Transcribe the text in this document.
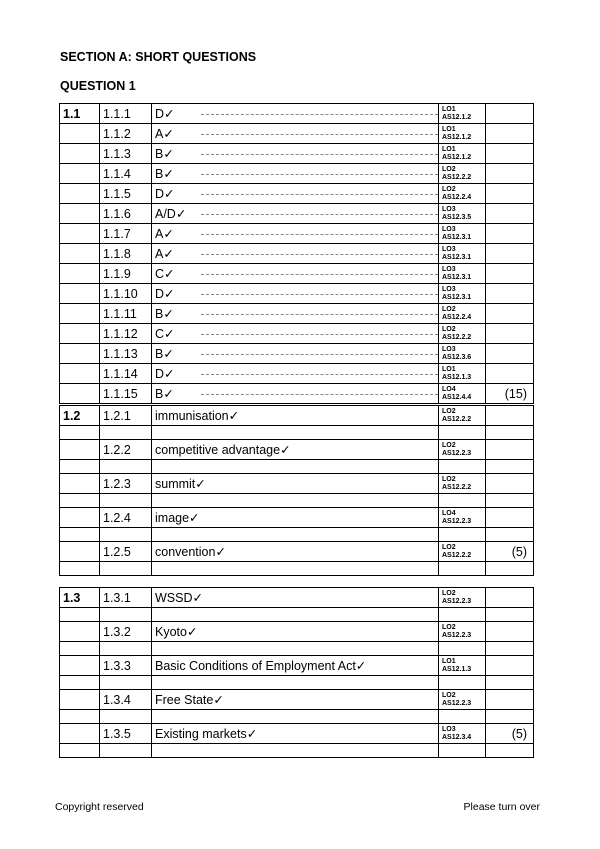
SECTION A: SHORT QUESTIONS
QUESTION 1
1.1	1.1.1	D✓		LO1
AS12.1.2	

	1.1.2	A✓		LO1
AS12.1.2	

	1.1.3	B✓		LO1
AS12.1.2	

	1.1.4	B✓		LO2
AS12.2.2	

	1.1.5	D✓		LO2
AS12.2.4	

	1.1.6	A/D✓		LO3
AS12.3.5	

	1.1.7	A✓		LO3
AS12.3.1	

	1.1.8	A✓		LO3
AS12.3.1	

	1.1.9	C✓		LO3
AS12.3.1	

	1.1.10	D✓		LO3
AS12.3.1	

	1.1.11	B✓		LO2
AS12.2.4	

	1.1.12	C✓		LO2
AS12.2.2	

	1.1.13	B✓		LO3
AS12.3.6	

	1.1.14	D✓		LO1
AS12.1.3	

	1.1.15	B✓		LO4
AS12.4.4	(15)
1.2	1.2.1	immunisation✓	LO2
AS12.2.2	

	1.2.2	competitive advantage✓	LO2
AS12.2.3	

	1.2.3	summit✓	LO2
AS12.2.2	

	1.2.4	image✓	LO4
AS12.2.3	

	1.2.5	convention✓	LO2
AS12.2.2	(5)

1.3	1.3.1	WSSD✓	LO2
AS12.2.3	

	1.3.2	Kyoto✓	LO2
AS12.2.3	

	1.3.3	Basic Conditions of Employment Act✓	LO1
AS12.1.3	

	1.3.4	Free State✓	LO2
AS12.2.3	

	1.3.5	Existing markets✓	LO3
AS12.3.4	(5)

Copyright reserved	Please turn over
